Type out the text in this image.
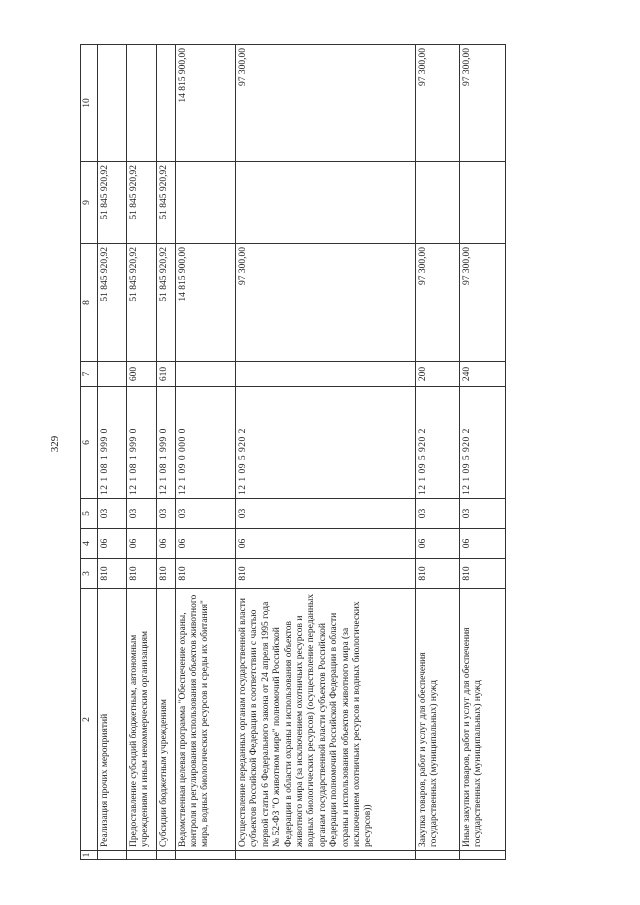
329
1	2	3	4	5	6	7	8	9	10
	Реализация прочих мероприятий	810	06	03	12 1 08 1 999 0		51 845 920,92	51 845 920,92	
	Предоставление субсидий бюджетным, автономным учреждениям и иным некоммерческим организациям	810	06	03	12 1 08 1 999 0	600	51 845 920,92	51 845 920,92	
	Субсидии бюджетным учреждениям	810	06	03	12 1 08 1 999 0	610	51 845 920,92	51 845 920,92	
	Ведомственная целевая программа "Обеспечение охраны, контроля и регулирования использования объектов животного мира, водных биологических ресурсов и среды их обитания"	810	06	03	12 1 09 0 000 0		14 815 900,00		14 815 900,00
	Осуществление переданных органам государственной власти субъектов Российской Федерации в соответствии с частью первой статьи 6 Федерального закона от 24 апреля 1995 года № 52-ФЗ "О животном мире" полномочий Российской Федерации в области охраны и использования объектов животного мира (за исключением охотничьих ресурсов и водных биологических ресурсов) (осуществление переданных органам государственной власти субъектов Российской Федерации полномочий Российской Федерации в области охраны и использования объектов животного мира (за исключением охотничьих ресурсов и водных биологических ресурсов))	810	06	03	12 1 09 5 920 2		97 300,00		97 300,00
	Закупка товаров, работ и услуг для обеспечения государственных (муниципальных) нужд	810	06	03	12 1 09 5 920 2	200	97 300,00		97 300,00
	Иные закупки товаров, работ и услуг для обеспечения государственных (муниципальных) нужд	810	06	03	12 1 09 5 920 2	240	97 300,00		97 300,00
